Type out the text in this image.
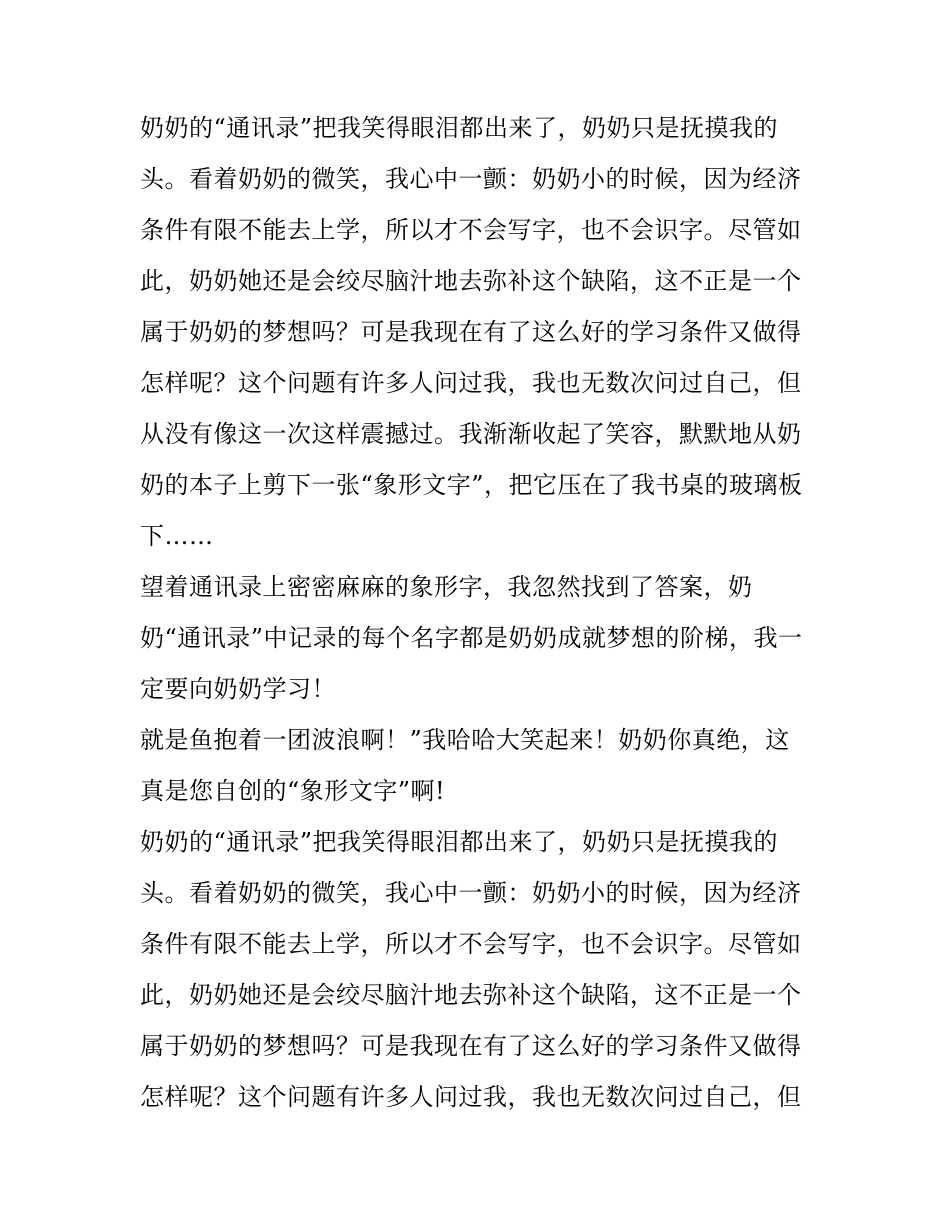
奶奶的“通讯录”把我笑得眼泪都出来了，奶奶只是抚摸我的
头。看着奶奶的微笑，我心中一颤：奶奶小的时候，因为经济
条件有限不能去上学，所以才不会写字，也不会识字。尽管如
此，奶奶她还是会绞尽脑汁地去弥补这个缺陷，这不正是一个
属于奶奶的梦想吗？可是我现在有了这么好的学习条件又做得
怎样呢？这个问题有许多人问过我，我也无数次问过自己，但
从没有像这一次这样震撼过。我渐渐收起了笑容，默默地从奶
奶的本子上剪下一张“象形文字”，把它压在了我书桌的玻璃板
下……
望着通讯录上密密麻麻的象形字，我忽然找到了答案，奶
奶“通讯录”中记录的每个名字都是奶奶成就梦想的阶梯，我一
定要向奶奶学习！
就是鱼抱着一团波浪啊！”我哈哈大笑起来！奶奶你真绝，这
真是您自创的“象形文字”啊!
奶奶的“通讯录”把我笑得眼泪都出来了，奶奶只是抚摸我的
头。看着奶奶的微笑，我心中一颤：奶奶小的时候，因为经济
条件有限不能去上学，所以才不会写字，也不会识字。尽管如
此，奶奶她还是会绞尽脑汁地去弥补这个缺陷，这不正是一个
属于奶奶的梦想吗？可是我现在有了这么好的学习条件又做得
怎样呢？这个问题有许多人问过我，我也无数次问过自己，但
